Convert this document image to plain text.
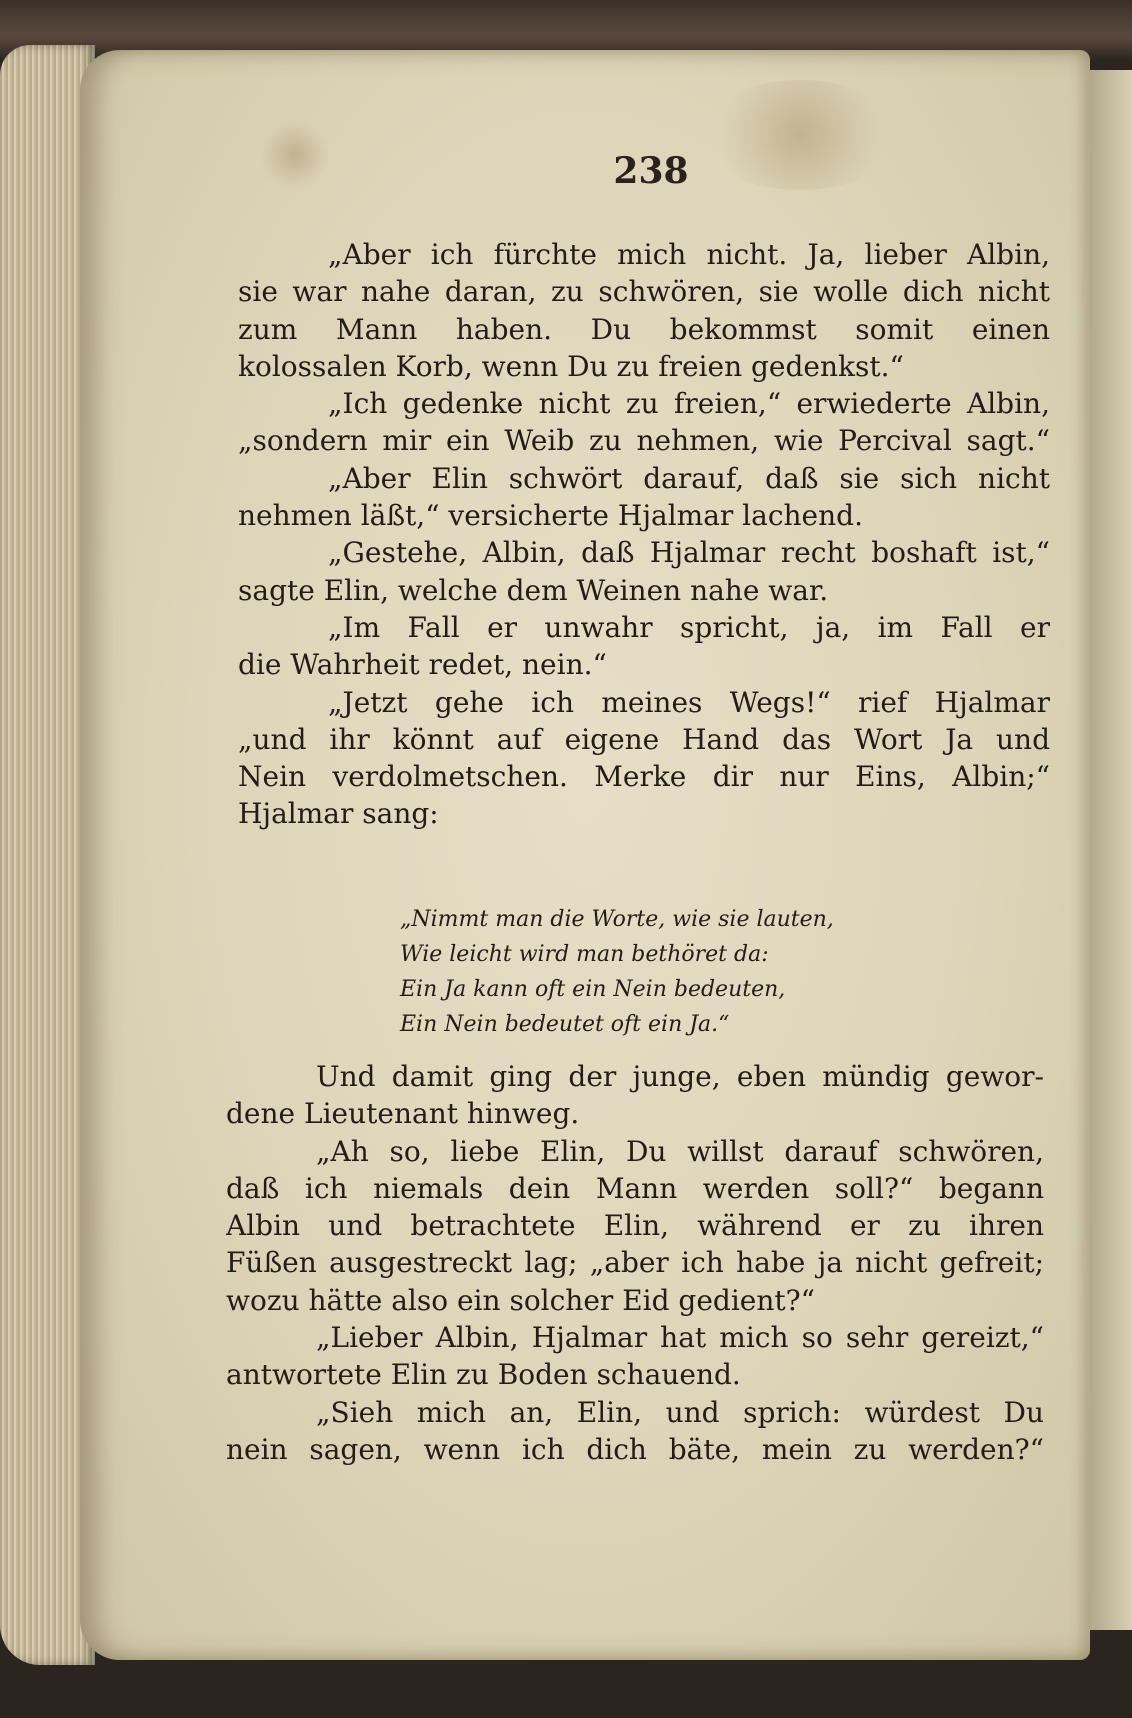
238
„Aber ich fürchte mich nicht. Ja, lieber Albin,
sie war nahe daran, zu schwören, sie wolle dich nicht
zum Mann haben. Du bekommst somit einen
kolossalen Korb, wenn Du zu freien gedenkst.“
„Ich gedenke nicht zu freien,“ erwiederte Albin,
„sondern mir ein Weib zu nehmen, wie Percival sagt.“
„Aber Elin schwört darauf, daß sie sich nicht
nehmen läßt,“ versicherte Hjalmar lachend.
„Gestehe, Albin, daß Hjalmar recht boshaft ist,“
sagte Elin, welche dem Weinen nahe war.
„Im Fall er unwahr spricht, ja, im Fall er
die Wahrheit redet, nein.“
„Jetzt gehe ich meines Wegs!“ rief Hjalmar
„und ihr könnt auf eigene Hand das Wort Ja und
Nein verdolmetschen. Merke dir nur Eins, Albin;“
Hjalmar sang:
„Nimmt man die Worte, wie sie lauten,
Wie leicht wird man bethöret da:
Ein Ja kann oft ein Nein bedeuten,
Ein Nein bedeutet oft ein Ja.“
Und damit ging der junge, eben mündig gewor-
dene Lieutenant hinweg.
„Ah so, liebe Elin, Du willst darauf schwören,
daß ich niemals dein Mann werden soll?“ begann
Albin und betrachtete Elin, während er zu ihren
Füßen ausgestreckt lag; „aber ich habe ja nicht gefreit;
wozu hätte also ein solcher Eid gedient?“
„Lieber Albin, Hjalmar hat mich so sehr gereizt,“
antwortete Elin zu Boden schauend.
„Sieh mich an, Elin, und sprich: würdest Du
nein sagen, wenn ich dich bäte, mein zu werden?“
